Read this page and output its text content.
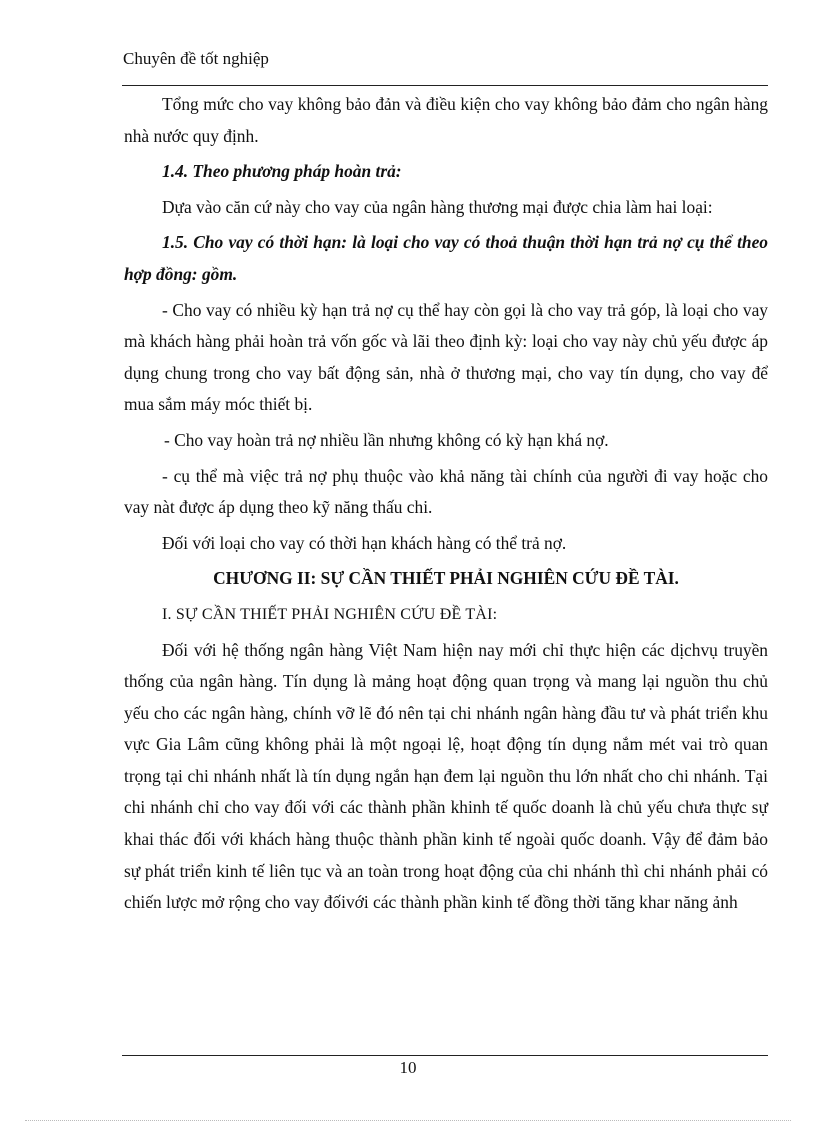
Chuyên đề tốt nghiệp

Tổng mức cho vay không bảo đản và điều kiện cho vay không bảo đảm cho ngân hàng nhà nước quy định.

1.4. Theo phương pháp hoàn trả:

Dựa vào căn cứ này cho vay của ngân hàng thương mại được chia làm hai loại:

1.5. Cho vay có thời hạn: là loại cho vay có thoả thuận thời hạn trả nợ cụ thể theo hợp đồng: gồm.

- Cho vay có nhiều kỳ hạn trả nợ cụ thể hay còn gọi là cho vay trả góp, là loại cho vay mà khách hàng phải hoàn trả vốn gốc và lãi theo định kỳ: loại cho vay này chủ yếu được áp dụng chung trong cho vay bất động sản, nhà ở thương mại, cho vay tín dụng, cho vay để mua sắm máy móc thiết bị.

- Cho vay hoàn trả nợ nhiều lần nhưng không có kỳ hạn khá nợ.

- cụ thể mà việc trả nợ phụ thuộc vào khả năng tài chính của người đi vay hoặc cho vay nàt được áp dụng theo kỹ năng thấu chi.

Đối với loại cho vay có thời hạn khách hàng có thể trả nợ.

CHƯƠNG II: SỰ CẦN THIẾT PHẢI NGHIÊN CỨU ĐỀ TÀI.

I. SỰ CẦN THIẾT PHẢI NGHIÊN CỨU ĐỀ TÀI:

Đối với hệ thống ngân hàng Việt Nam hiện nay mới chỉ thực hiện các dịchvụ truyền thống của ngân hàng. Tín dụng là mảng hoạt động quan trọng và mang lại nguồn thu chủ yếu cho các ngân hàng, chính vỡ lẽ đó nên tại chi nhánh ngân hàng đầu tư và phát triển khu vực Gia Lâm cũng không phải là một ngoại lệ, hoạt động tín dụng nắm mét vai trò quan trọng tại chi nhánh nhất là tín dụng ngắn hạn đem lại nguồn thu lớn nhất cho chi nhánh. Tại chi nhánh chỉ cho vay đối với các thành phần khinh tế quốc doanh là chủ yếu chưa thực sự khai thác đối với khách hàng thuộc thành phần kinh tế ngoài quốc doanh. Vậy để đảm bảo sự phát triển kinh tế liên tục và an toàn trong hoạt động của chi nhánh thì chi nhánh phải có chiến lược mở rộng cho vay đốivới các thành phần kinh tế đồng thời tăng khar năng ảnh

10
